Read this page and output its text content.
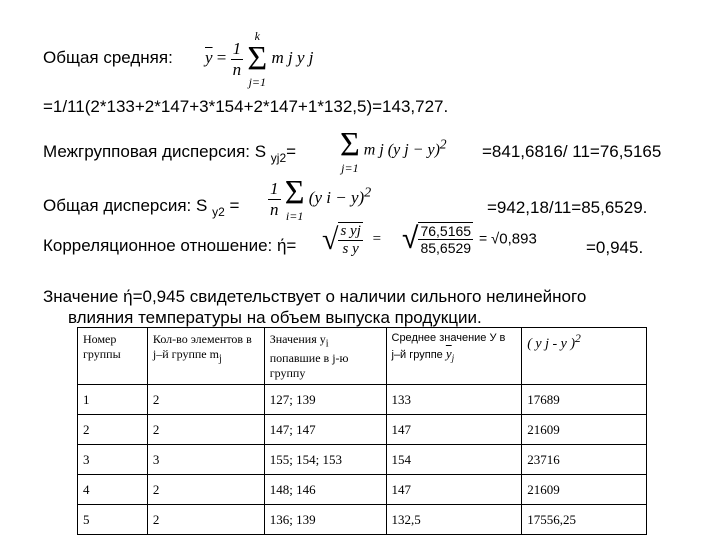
Общая средняя: $\overline{y} = \frac{1}{n}$

k
Σ
j=1
m j y j
=1/11(2*133+2*147+3*154+2*147+1*132,5)=143,727.
Межгрупповая дисперсия: S $_{yj2}$= Σ
j=1
m j (y j − y)$^2$ =841,6816/ 11=76,5165
Общая дисперсия: S $_{y2} = \frac{1}{n}$ Σ
i=1
(y i − y)$^2$
=942,18/11=85,6529.
Корреляционное отношение: ή= √ $\frac{\text{s yj}}{\text{s y}}$ = √ $\frac{76,5165}{85,6529} = √0,893$	=0,945.
Значение ή=0,945 свидетельствует о наличии сильного нелинейного
влияния температуры на объем выпуска продукции.
Номер группы	Кол-во элементов в j–й группе $m_j$	Значения $y_i$ попавшие в j-ю группу	Среднее значение У в j–й группе $\overline{y}_j$	( y j - y )$^2$
1	2	127; 139	133	17689
2	2	147; 147	147	21609
3	3	155; 154; 153	154	23716
4	2	148; 146	147	21609
5	2	136; 139	132,5	17556,25
